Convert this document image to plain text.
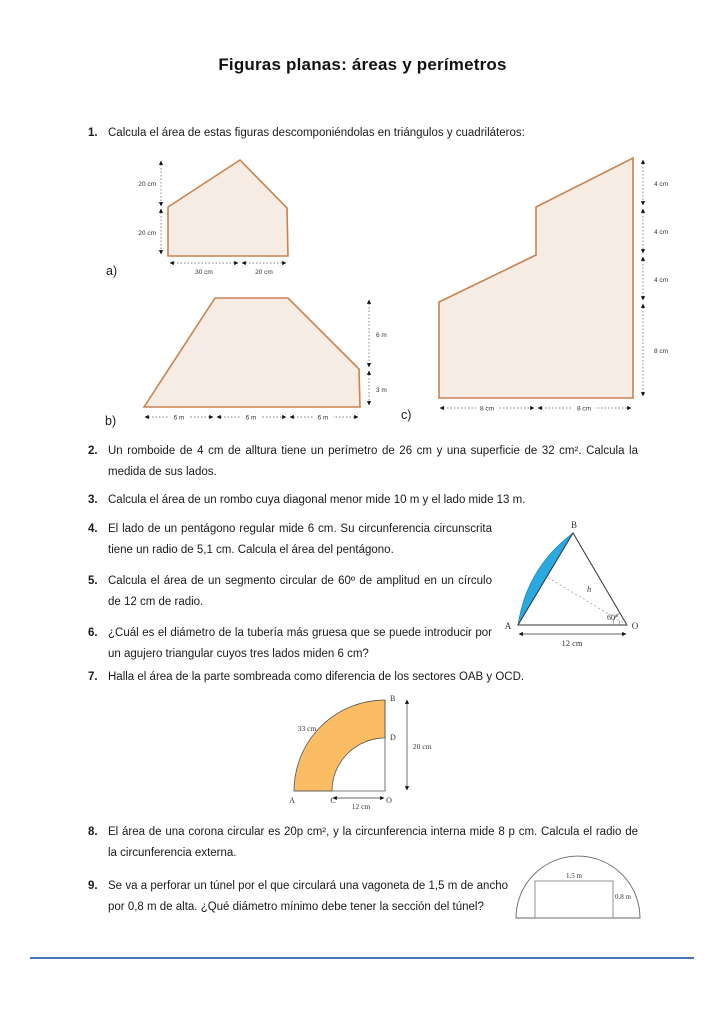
Figuras planas: áreas y perímetros
1. Calcula el área de estas figuras descomponiéndolas en triángulos y cuadriláteros:
20 cm
20 cm
30 cm	20 cm
a)
6 m
3 m
6 m	6 m	6 m
b)
4 cm
4 cm
4 cm
8 cm
8 cm	8 cm
c)
2. Un romboide de 4 cm de alltura tiene un perímetro de 26 cm y una superficie de 32 cm². Calcula la medida de sus lados.
3. Calcula el área de un rombo cuya diagonal menor mide 10 m y el lado mide 13 m.
4. El lado de un pentágono regular mide 6 cm. Su circunferencia circunscrita tiene un radio de 5,1 cm. Calcula el área del pentágono.
5. Calcula el área de un segmento circular de 60º de amplitud en un círculo de 12 cm de radio.
6. ¿Cuál es el diámetro de la tubería más gruesa que se puede introducir por un agujero triangular cuyos tres lados miden 6 cm?
h
60°
B
A	O
12 cm
7. Halla el área de la parte sombreada como diferencia de los sectores OAB y OCD.
33 cm
A	C	O
B
D
20 cm
12 cm
8. El área de una corona circular es 20p cm², y la circunferencia interna mide 8 p cm. Calcula el radio de la circunferencia externa.
9. Se va a perforar un túnel por el que circulará una vagoneta de 1,5 m de ancho por 0,8 m de alta. ¿Qué diámetro mínimo debe tener la sección del túnel?
1.5 m
0.8 m
